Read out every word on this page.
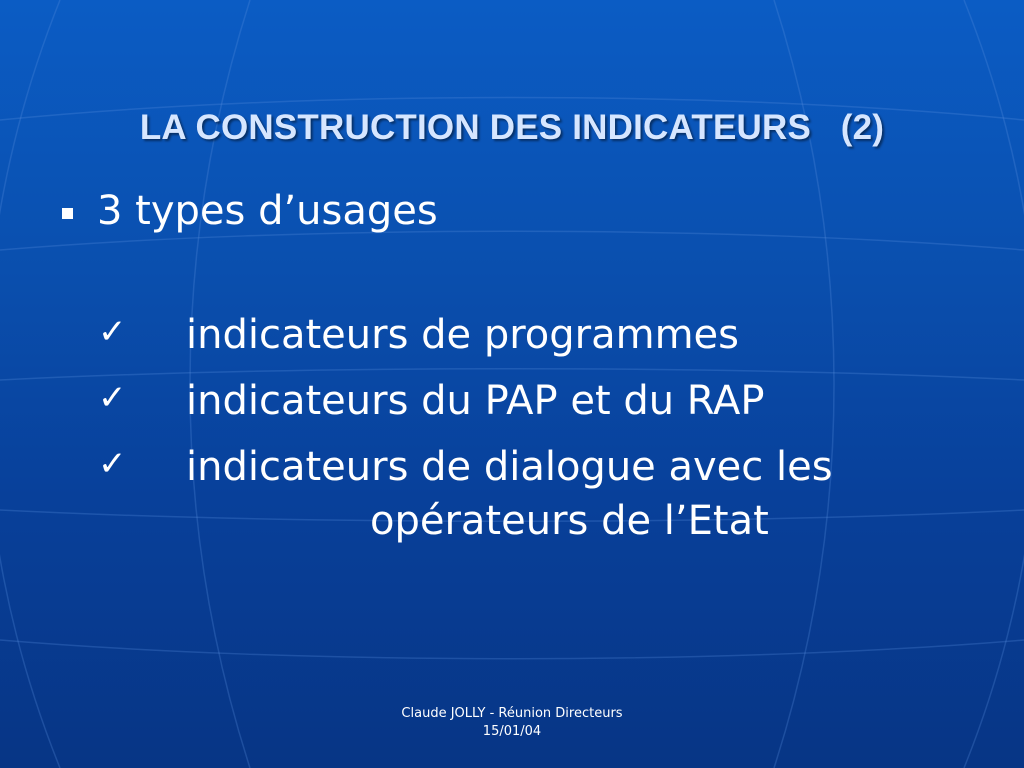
LA CONSTRUCTION DES INDICATEURS   (2)
3 types d’usages
✓	indicateurs de programmes
✓	indicateurs du PAP et du RAP
✓	indicateurs de dialogue avec les
opérateurs de l’Etat
Claude JOLLY - Réunion Directeurs
15/01/04
